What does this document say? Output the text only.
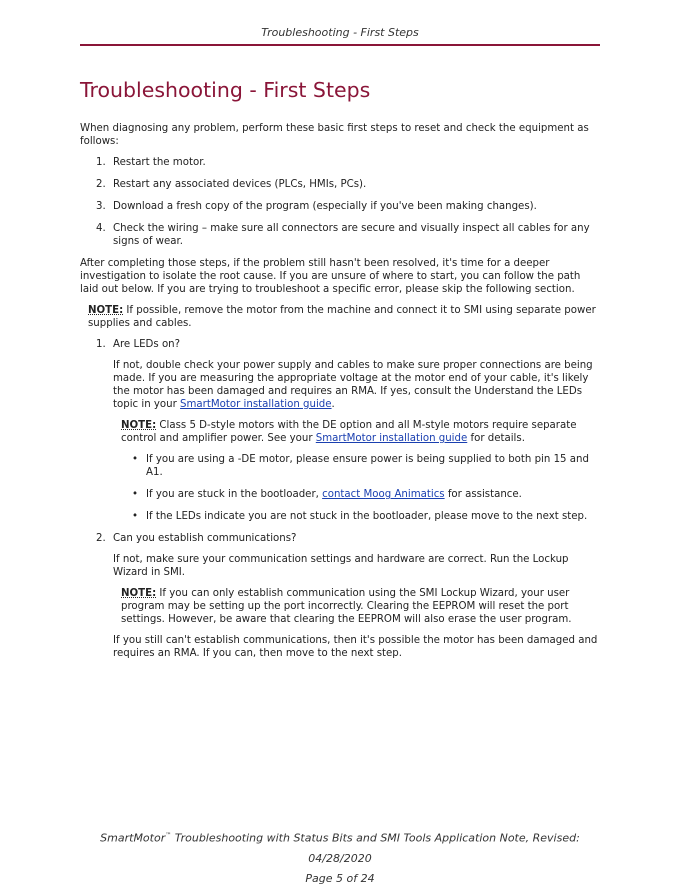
Troubleshooting - First Steps
Troubleshooting - First Steps

When diagnosing any problem, perform these basic first steps to reset and check the equipment as follows:

1. Restart the motor.
2. Restart any associated devices (PLCs, HMIs, PCs).
3. Download a fresh copy of the program (especially if you've been making changes).
4. Check the wiring – make sure all connectors are secure and visually inspect all cables for any signs of wear.

After completing those steps, if the problem still hasn't been resolved, it's time for a deeper investigation to isolate the root cause. If you are unsure of where to start, you can follow the path laid out below. If you are trying to troubleshoot a specific error, please skip the following section.

NOTE: If possible, remove the motor from the machine and connect it to SMI using separate power supplies and cables.

1. Are LEDs on?

If not, double check your power supply and cables to make sure proper connections are being made. If you are measuring the appropriate voltage at the motor end of your cable, it's likely the motor has been damaged and requires an RMA. If yes, consult the Understand the LEDs topic in your SmartMotor installation guide.

NOTE: Class 5 D-style motors with the DE option and all M-style motors require separate control and amplifier power. See your SmartMotor installation guide for details.

• If you are using a -DE motor, please ensure power is being supplied to both pin 15 and A1.
• If you are stuck in the bootloader, contact Moog Animatics for assistance.
• If the LEDs indicate you are not stuck in the bootloader, please move to the next step.
2. Can you establish communications?

If not, make sure your communication settings and hardware are correct. Run the Lockup Wizard in SMI.

NOTE: If you can only establish communication using the SMI Lockup Wizard, your user program may be setting up the port incorrectly. Clearing the EEPROM will reset the port settings. However, be aware that clearing the EEPROM will also erase the user program.

If you still can't establish communications, then it's possible the motor has been damaged and requires an RMA. If you can, then move to the next step.

SmartMotor™ Troubleshooting with Status Bits and SMI Tools Application Note, Revised: 04/28/2020
Page 5 of 24
